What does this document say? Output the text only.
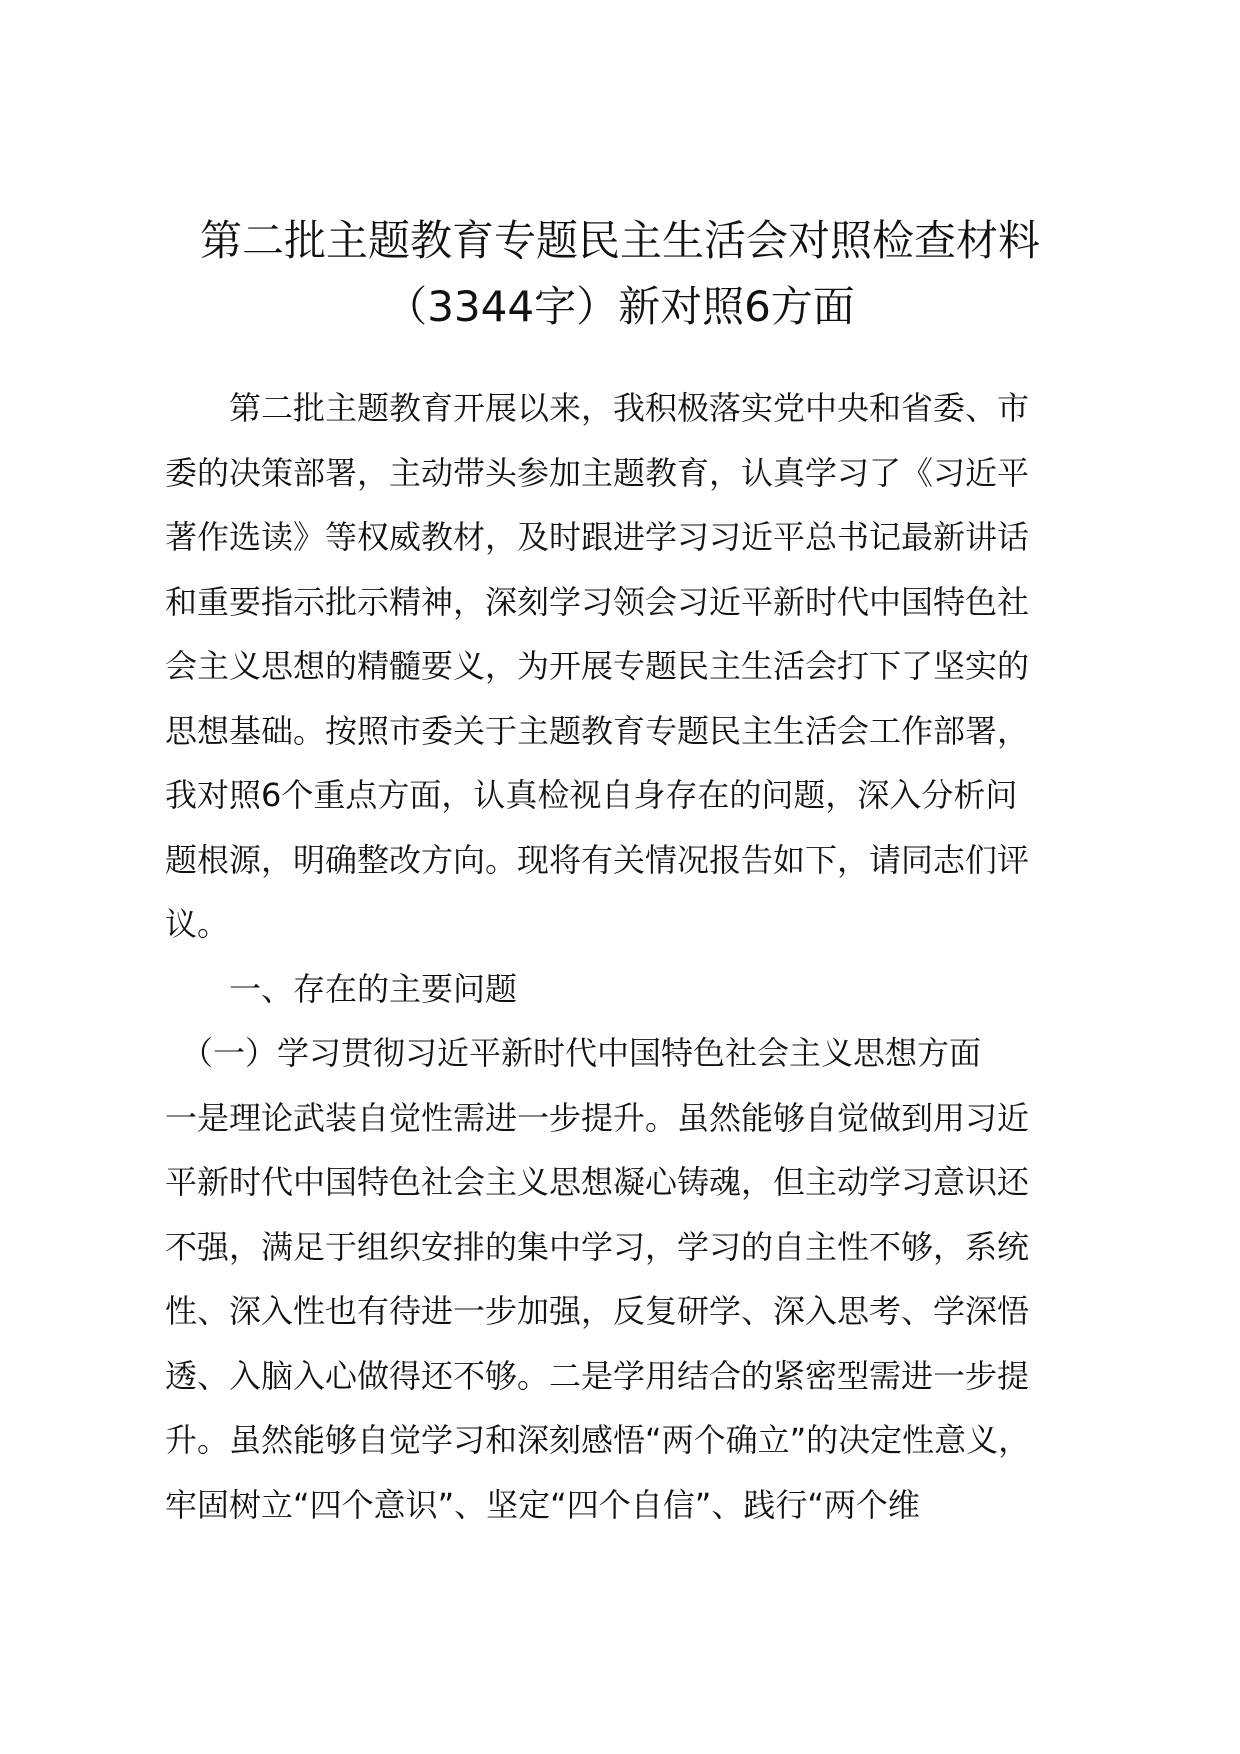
第二批主题教育专题民主生活会对照检查材料
（3344字）新对照6方面
　　第二批主题教育开展以来，我积极落实党中央和省委、市
委的决策部署，主动带头参加主题教育，认真学习了《习近平
著作选读》等权威教材，及时跟进学习习近平总书记最新讲话
和重要指示批示精神，深刻学习领会习近平新时代中国特色社
会主义思想的精髓要义，为开展专题民主生活会打下了坚实的
思想基础。按照市委关于主题教育专题民主生活会工作部署，
我对照6个重点方面，认真检视自身存在的问题，深入分析问
题根源，明确整改方向。现将有关情况报告如下，请同志们评
议。
　　一、存在的主要问题
　（一）学习贯彻习近平新时代中国特色社会主义思想方面
一是理论武装自觉性需进一步提升。虽然能够自觉做到用习近
平新时代中国特色社会主义思想凝心铸魂，但主动学习意识还
不强，满足于组织安排的集中学习，学习的自主性不够，系统
性、深入性也有待进一步加强，反复研学、深入思考、学深悟
透、入脑入心做得还不够。二是学用结合的紧密型需进一步提
升。虽然能够自觉学习和深刻感悟“两个确立”的决定性意义，
牢固树立“四个意识”、坚定“四个自信”、践行“两个维
